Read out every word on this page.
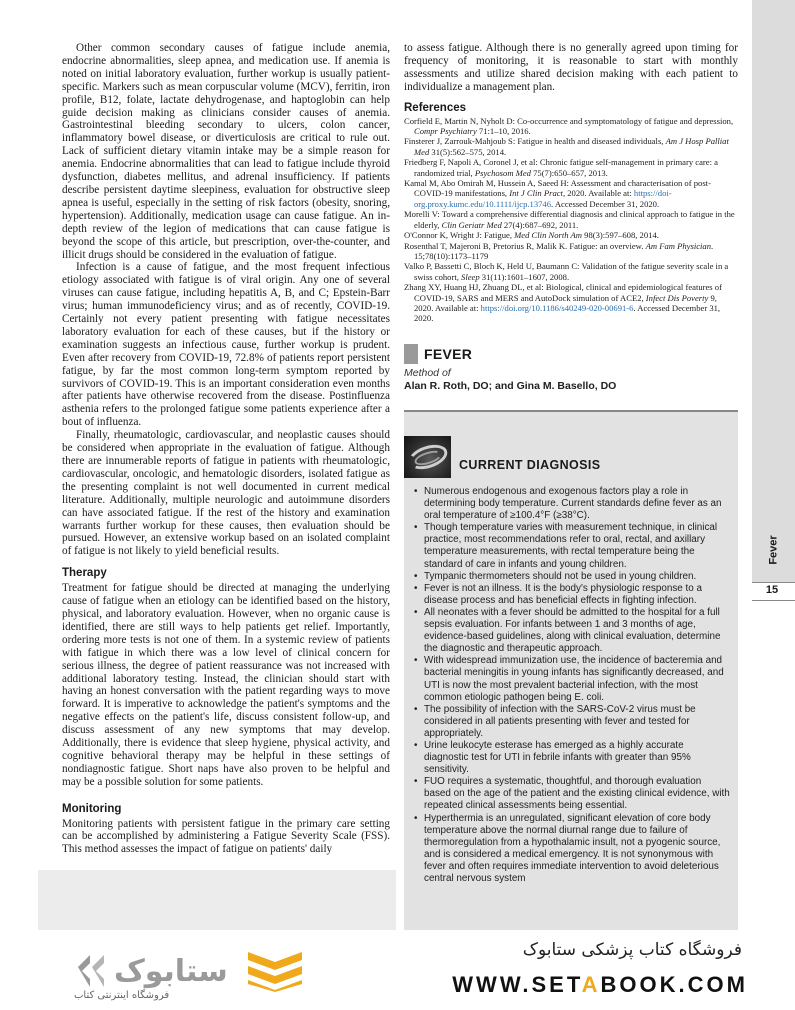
Other common secondary causes of fatigue include anemia, endocrine abnormalities, sleep apnea, and medication use. If anemia is noted on initial laboratory evaluation, further workup is usually patient-specific. Markers such as mean corpuscular volume (MCV), ferritin, iron profile, B12, folate, lactate dehydrogenase, and haptoglobin can help guide decision making as clinicians consider causes of anemia. Gastrointestinal bleeding secondary to ulcers, colon cancer, inflammatory bowel disease, or diverticulosis are critical to rule out. Lack of sufficient dietary vitamin intake may be a simple reason for anemia. Endocrine abnormalities that can lead to fatigue include thyroid dysfunction, diabetes mellitus, and adrenal insufficiency. If patients describe persistent daytime sleepiness, evaluation for obstructive sleep apnea is useful, especially in the setting of risk factors (obesity, snoring, hypertension). Additionally, medication usage can cause fatigue. An in-depth review of the legion of medications that can cause fatigue is beyond the scope of this article, but prescription, over-the-counter, and illicit drugs should be considered in the evaluation of fatigue.

Infection is a cause of fatigue, and the most frequent infectious etiology associated with fatigue is of viral origin. Any one of several viruses can cause fatigue, including hepatitis A, B, and C; Epstein-Barr virus; human immunodeficiency virus; and as of recently, COVID-19. Certainly not every patient presenting with fatigue necessitates laboratory evaluation for each of these causes, but if the history or examination suggests an infectious cause, further workup is prudent. Even after recovery from COVID-19, 72.8% of patients report persistent fatigue, by far the most common long-term symptom reported by survivors of COVID-19. This is an important consideration even months after patients have otherwise recovered from the disease. Postinfluenza asthenia refers to the prolonged fatigue some patients experience after a bout of influenza.

Finally, rheumatologic, cardiovascular, and neoplastic causes should be considered when appropriate in the evaluation of fatigue. Although there are innumerable reports of fatigue in patients with rheumatologic, cardiovascular, oncologic, and hematologic disorders, isolated fatigue as the presenting complaint is not well documented in current medical literature. Additionally, multiple neurologic and autoimmune disorders can have associated fatigue. If the rest of the history and examination warrants further workup for these causes, then evaluation should be pursued. However, an extensive workup based on an isolated complaint of fatigue is not likely to yield beneficial results.

Therapy

Treatment for fatigue should be directed at managing the underlying cause of fatigue when an etiology can be identified based on the history, physical, and laboratory evaluation. However, when no organic cause is identified, there are still ways to help patients get relief. Importantly, ordering more tests is not one of them. In a systemic review of patients with fatigue in which there was a low level of clinical concern for serious illness, the degree of patient reassurance was not increased with additional laboratory testing. Instead, the clinician should start with having an honest conversation with the patient regarding ways to move forward. It is imperative to acknowledge the patient's symptoms and the negative effects on the patient's life, discuss consistent follow-up, and discuss assessment of any new symptoms that may develop. Additionally, there is evidence that sleep hygiene, physical activity, and cognitive behavioral therapy may be helpful in these settings of nondiagnostic fatigue. Short naps have also proven to be helpful and may be a possible solution for some patients.

Monitoring

Monitoring patients with persistent fatigue in the primary care setting can be accomplished by administering a Fatigue Severity Scale (FSS). This method assesses the impact of fatigue on patients' daily

to assess fatigue. Although there is no generally agreed upon timing for frequency of monitoring, it is reasonable to start with monthly assessments and utilize shared decision making with each patient to individualize a management plan.

References
Corfield E, Martin N, Nyholt D: Co-occurrence and symptomatology of fatigue and depression, Compr Psychiatry 71:1–10, 2016.
Finsterer J, Zarrouk-Mahjoub S: Fatigue in health and diseased individuals, Am J Hosp Palliat Med 31(5):562–575, 2014.
Friedberg F, Napoli A, Coronel J, et al: Chronic fatigue self-management in primary care: a randomized trial, Psychosom Med 75(7):650–657, 2013.
Kamal M, Abo Omirah M, Hussein A, Saeed H: Assessment and characterisation of post-COVID-19 manifestations, Int J Clin Pract, 2020. Available at: https://doi-org.proxy.kumc.edu/10.1111/ijcp.13746. Accessed December 31, 2020.
Morelli V: Toward a comprehensive differential diagnosis and clinical approach to fatigue in the elderly, Clin Geriatr Med 27(4):687–692, 2011.
O'Connor K, Wright J: Fatigue, Med Clin North Am 98(3):597–608, 2014.
Rosenthal T, Majeroni B, Pretorius R, Malik K. Fatigue: an overview. Am Fam Physician. 15;78(10):1173–1179
Valko P, Bassetti C, Bloch K, Held U, Baumann C: Validation of the fatigue severity scale in a swiss cohort, Sleep 31(11):1601–1607, 2008.
Zhang XY, Huang HJ, Zhuang DL, et al: Biological, clinical and epidemiological features of COVID-19, SARS and MERS and AutoDock simulation of ACE2, Infect Dis Poverty 9, 2020. Available at: https://doi.org/10.1186/s40249-020-00691-6. Accessed December 31, 2020.
FEVER
Method of
Alan R. Roth, DO; and Gina M. Basello, DO
CURRENT DIAGNOSIS
• Numerous endogenous and exogenous factors play a role in determining body temperature. Current standards define fever as an oral temperature of ≥100.4°F (≥38°C).
• Though temperature varies with measurement technique, in clinical practice, most recommendations refer to oral, rectal, and axillary temperature measurements, with rectal temperature being the standard of care in infants and young children.
• Tympanic thermometers should not be used in young children.
• Fever is not an illness. It is the body's physiologic response to a disease process and has beneficial effects in fighting infection.
• All neonates with a fever should be admitted to the hospital for a full sepsis evaluation. For infants between 1 and 3 months of age, evidence-based guidelines, along with clinical evaluation, determine the diagnostic and therapeutic approach.
• With widespread immunization use, the incidence of bacteremia and bacterial meningitis in young infants has significantly decreased, and UTI is now the most prevalent bacterial infection, with the most common etiologic pathogen being E. coli.
• The possibility of infection with the SARS-CoV-2 virus must be considered in all patients presenting with fever and tested for appropriately.
• Urine leukocyte esterase has emerged as a highly accurate diagnostic test for UTI in febrile infants with greater than 95% sensitivity.
• FUO requires a systematic, thoughtful, and thorough evaluation based on the age of the patient and the existing clinical evidence, with repeated clinical assessments being essential.
• Hyperthermia is an unregulated, significant elevation of core body temperature above the normal diurnal range due to failure of thermoregulation from a hypothalamic insult, not a pyogenic source, and is considered a medical emergency. It is not synonymous with fever and often requires immediate intervention to avoid deleterious central nervous system
Fever
15
ستابوک
فروشگاه اینترنتی کتاب
فروشگاه کتاب پزشکی ستابوک
WWW.SETABOOK.COM
